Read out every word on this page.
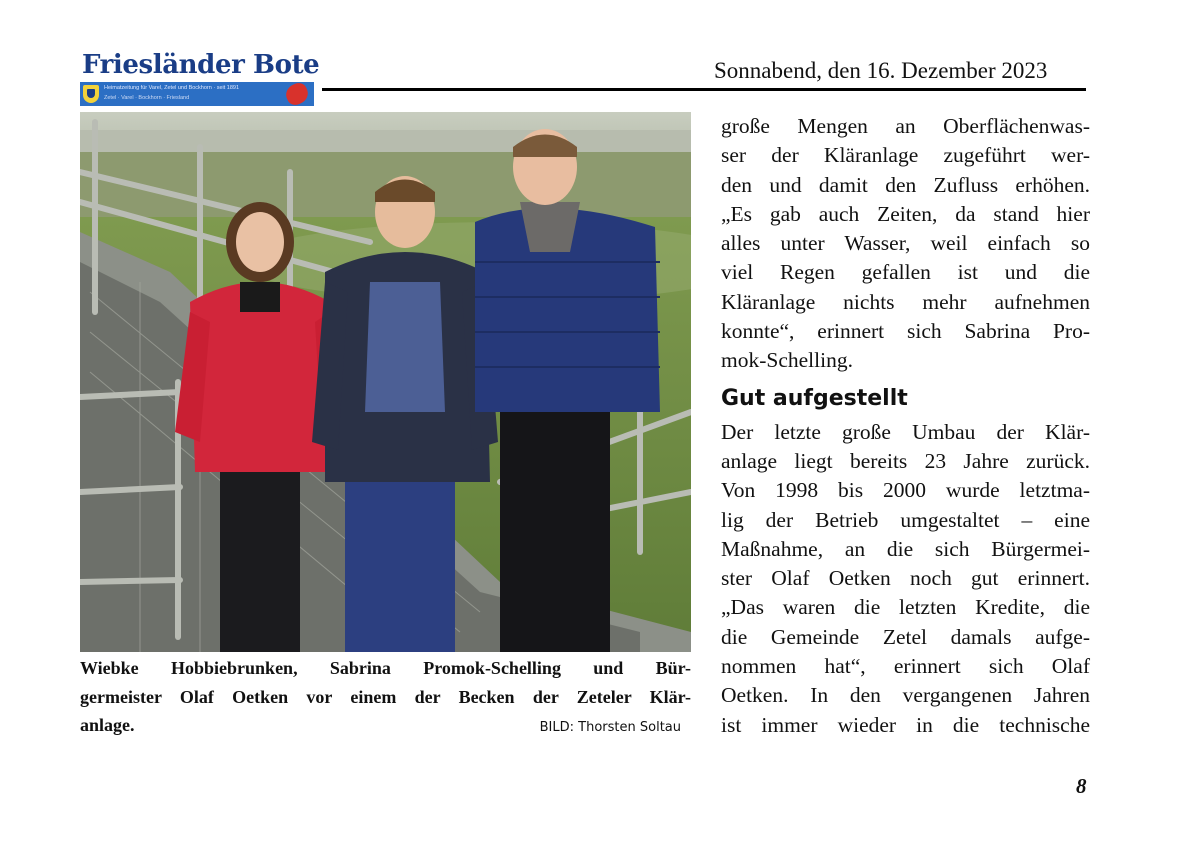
Friesländer Bote
Heimatzeitung für Varel, Zetel und Bockhorn · seit 1891
Zetel · Varel · Bockhorn · Friesland
Sonnabend, den 16. Dezember 2023
Wiebke Hobbiebrunken, Sabrina Promok-Schelling und Bür-
germeister Olaf Oetken vor einem der Becken der Zeteler Klär-
anlage.	BILD: Thorsten Soltau
große Mengen an Oberflächenwas-
ser der Kläranlage zugeführt wer-
den und damit den Zufluss erhöhen.
„Es gab auch Zeiten, da stand hier
alles unter Wasser, weil einfach so
viel Regen gefallen ist und die
Kläranlage nichts mehr aufnehmen
konnte“, erinnert sich Sabrina Pro-
mok-Schelling.
Gut aufgestellt
Der letzte große Umbau der Klär-
anlage liegt bereits 23 Jahre zurück.
Von 1998 bis 2000 wurde letztma-
lig der Betrieb umgestaltet – eine
Maßnahme, an die sich Bürgermei-
ster Olaf Oetken noch gut erinnert.
„Das waren die letzten Kredite, die
die Gemeinde Zetel damals aufge-
nommen hat“, erinnert sich Olaf
Oetken. In den vergangenen Jahren
ist immer wieder in die technische
8
